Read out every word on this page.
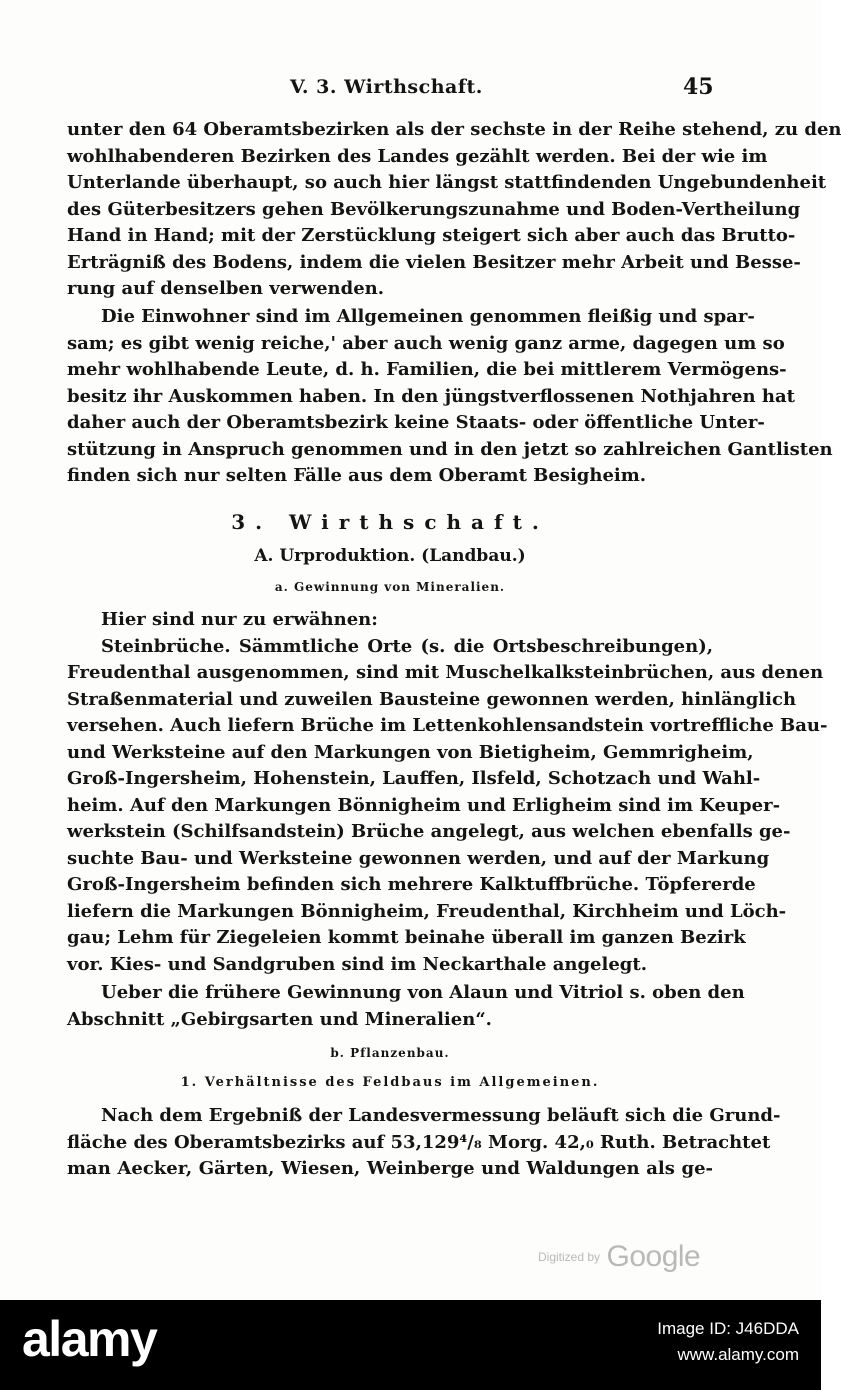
V. 3. Wirthschaft.	45
unter den 64 Oberamtsbezirken als der sechste in der Reihe stehend, zu den
wohlhabenderen Bezirken des Landes gezählt werden. Bei der wie im
Unterlande überhaupt, so auch hier längst stattfindenden Ungebundenheit
des Güterbesitzers gehen Bevölkerungszunahme und Boden-Vertheilung
Hand in Hand; mit der Zerstücklung steigert sich aber auch das Brutto-
Erträgniß des Bodens, indem die vielen Besitzer mehr Arbeit und Besse-
rung auf denselben verwenden.
Die Einwohner sind im Allgemeinen genommen fleißig und spar-
sam; es gibt wenig reiche,' aber auch wenig ganz arme, dagegen um so
mehr wohlhabende Leute, d. h. Familien, die bei mittlerem Vermögens-
besitz ihr Auskommen haben. In den jüngstverflossenen Nothjahren hat
daher auch der Oberamtsbezirk keine Staats- oder öffentliche Unter-
stützung in Anspruch genommen und in den jetzt so zahlreichen Gantlisten
finden sich nur selten Fälle aus dem Oberamt Besigheim.
3. Wirthschaft.
A. Urproduktion. (Landbau.)
a. Gewinnung von Mineralien.
Hier sind nur zu erwähnen:
Steinbrüche. Sämmtliche Orte (s. die Ortsbeschreibungen),
Freudenthal ausgenommen, sind mit Muschelkalksteinbrüchen, aus denen
Straßenmaterial und zuweilen Bausteine gewonnen werden, hinlänglich
versehen. Auch liefern Brüche im Lettenkohlensandstein vortreffliche Bau-
und Werksteine auf den Markungen von Bietigheim, Gemmrigheim,
Groß-Ingersheim, Hohenstein, Lauffen, Ilsfeld, Schotzach und Wahl-
heim. Auf den Markungen Bönnigheim und Erligheim sind im Keuper-
werkstein (Schilfsandstein) Brüche angelegt, aus welchen ebenfalls ge-
suchte Bau- und Werksteine gewonnen werden, und auf der Markung
Groß-Ingersheim befinden sich mehrere Kalktuffbrüche. Töpfererde
liefern die Markungen Bönnigheim, Freudenthal, Kirchheim und Löch-
gau; Lehm für Ziegeleien kommt beinahe überall im ganzen Bezirk
vor. Kies- und Sandgruben sind im Neckarthale angelegt.
Ueber die frühere Gewinnung von Alaun und Vitriol s. oben den
Abschnitt „Gebirgsarten und Mineralien“.
b. Pflanzenbau.
1. Verhältnisse des Feldbaus im Allgemeinen.
Nach dem Ergebniß der Landesvermessung beläuft sich die Grund-
fläche des Oberamtsbezirks auf 53,129⁴/₈ Morg. 42,₀ Ruth. Betrachtet
man Aecker, Gärten, Wiesen, Weinberge und Waldungen als ge-
Digitized by Google
alamy	Image ID: J46DDA
www.alamy.com
